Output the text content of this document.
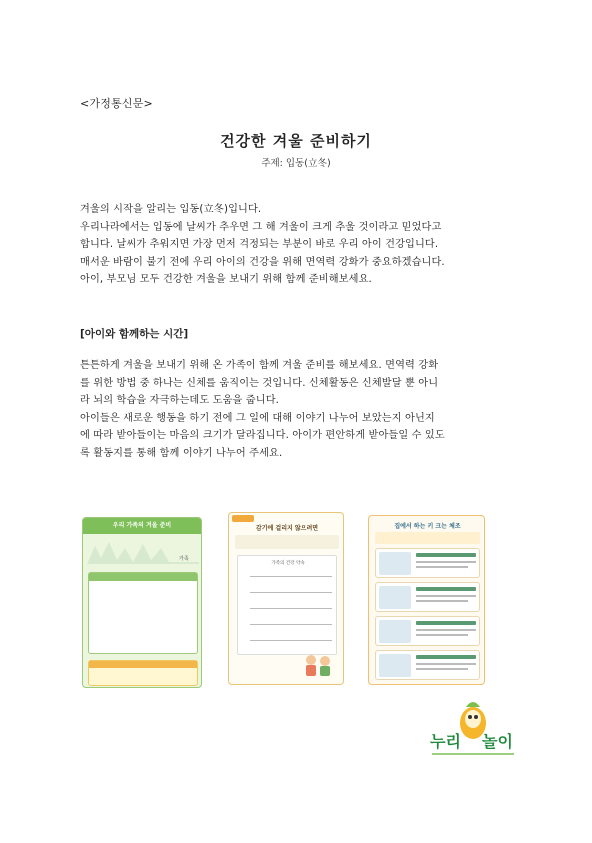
<가정통신문>
건강한 겨울 준비하기
주제: 입동(立冬)

겨울의 시작을 알리는 입동(立冬)입니다.

우리나라에서는 입동에 날씨가 추우면 그 해 겨울이 크게 추울 것이라고 믿었다고

합니다. 날씨가 추워지면 가장 먼저 걱정되는 부분이 바로 우리 아이 건강입니다.

매서운 바람이 불기 전에 우리 아이의 건강을 위해 면역력 강화가 중요하겠습니다.

아이, 부모님 모두 건강한 겨울을 보내기 위해 함께 준비해보세요.

[아이와 함께하는 시간]

튼튼하게 겨울을 보내기 위해 온 가족이 함께 겨울 준비를 해보세요. 면역력 강화

를 위한 방법 중 하나는 신체를 움직이는 것입니다. 신체활동은 신체발달 뿐 아니

라 뇌의 학습을 자극하는데도 도움을 줍니다.

아이들은 새로운 행동을 하기 전에 그 일에 대해 이야기 나누어 보았는지 아닌지

에 따라 받아들이는 마음의 크기가 달라집니다. 아이가 편안하게 받아들일 수 있도

록 활동지를 통해 함께 이야기 나누어 주세요.

우리 가족의 겨울 준비
가족
감기에 걸리지 않으려면
가족의 건강 약속
집에서 하는 키 크는 체조
누리 놀이
